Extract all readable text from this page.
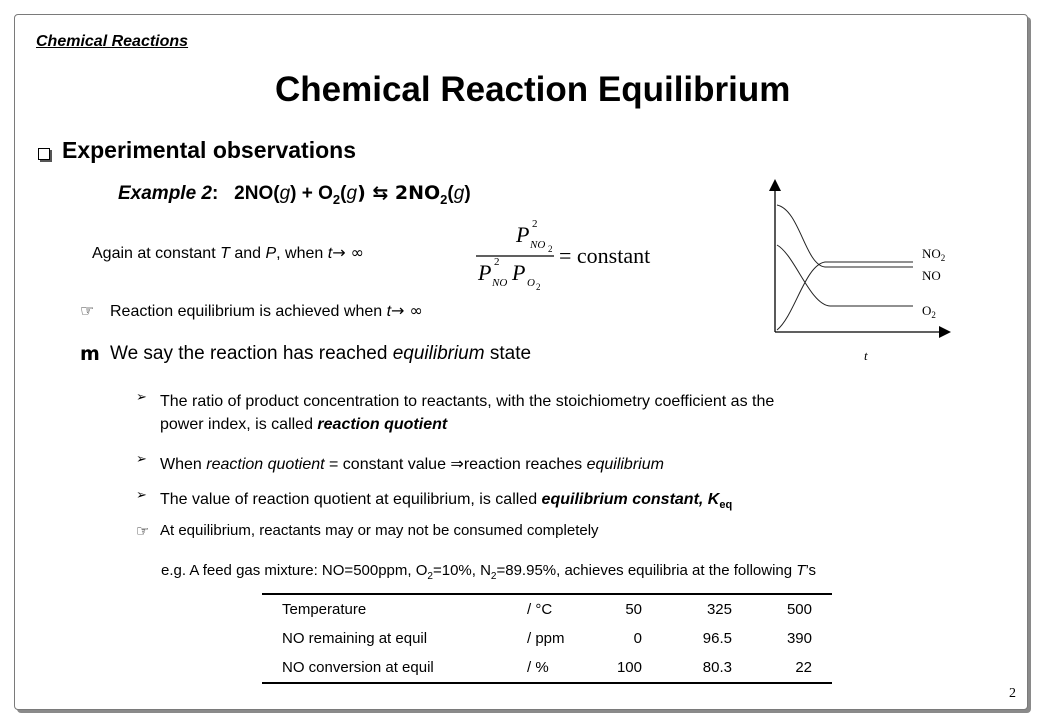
Chemical Reactions
Chemical Reaction Equilibrium
Experimental observations
Example 2: $2NO(g) + O_2(g)$ ⇆ $2NO_2(g)$
Again at constant T and P, when t→ ∞
P 2
NO 2
P 2
NO P O 2
= constant
☞ Reaction equilibrium is achieved when t→ ∞
m We say the reaction has reached equilibrium state
➢ The ratio of product concentration to reactants, with the stoichiometry coefficient as the
power index, is called reaction quotient
➢ When reaction quotient = constant value ⇒reaction reaches equilibrium
➢ The value of reaction quotient at equilibrium, is called equilibrium constant, $K_{eq}$
☞ At equilibrium, reactants may or may not be consumed completely
e.g. A feed gas mixture: NO=500ppm, $O_2=10\%$, $N_2=89.95\%$, achieves equilibria at the following T’s
	Temperature	/ °C	50	325	500	
	NO remaining at equil	/ ppm	0	96.5	390	
	NO conversion at equil	/ %	100	80.3	22	
$NO_2$
NO
$O_2$
t
2
